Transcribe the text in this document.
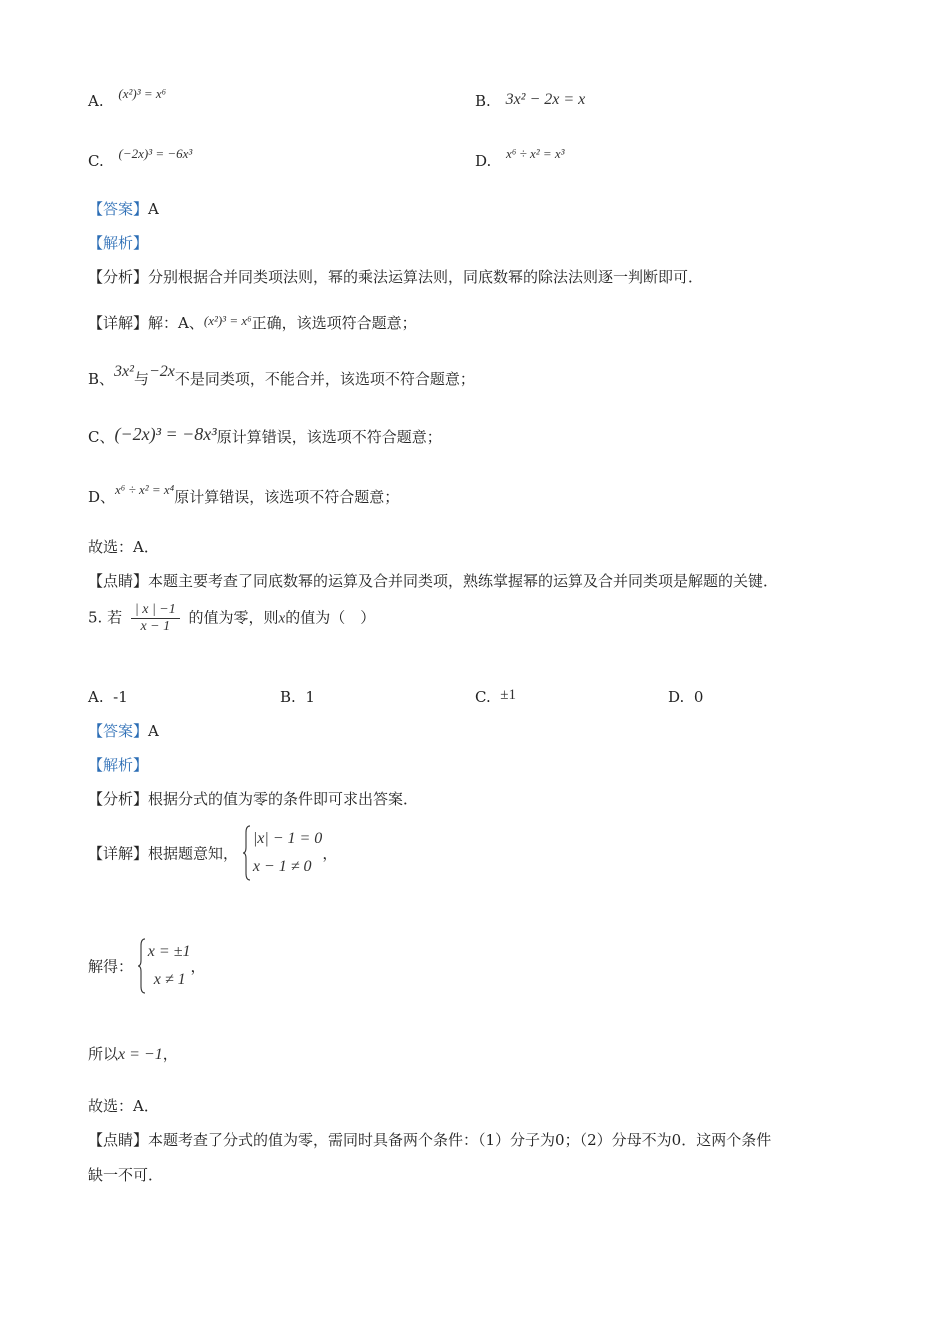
A. (x²)³ = x⁶	B. 3x² − 2x = x
C. (−2x)³ = −6x³	D. x⁶ ÷ x² = x³
【答案】A
【解析】
【分析】分别根据合并同类项法则，幂的乘法运算法则，同底数幂的除法法则逐一判断即可．
【详解】解：A、(x²)³ = x⁶正确，该选项符合题意；
B、3x²与−2x不是同类项，不能合并，该选项不符合题意；
C、(−2x)³ = −8x³原计算错误，该选项不符合题意；
D、x⁶ ÷ x² = x⁴原计算错误，该选项不符合题意；
故选：A．
【点睛】本题主要考查了同底数幂的运算及合并同类项，熟练掌握幂的运算及合并同类项是解题的关键．
5. 若 $\frac{| x | -1}{x - 1}$ 的值为零，则x的值为（　）
A. -1	B. 1	C. ±1	D. 0
【答案】A
【解析】
【分析】根据分式的值为零的条件即可求出答案．
【详解】根据题意知，
|x| − 1 = 0
x − 1 ≠ 0
，
解得：
x = ±1
x ≠ 1
，
所以x = −1，
故选：A．
【点睛】本题考查了分式的值为零，需同时具备两个条件：（1）分子为0；（2）分母不为0．这两个条件
缺一不可．
